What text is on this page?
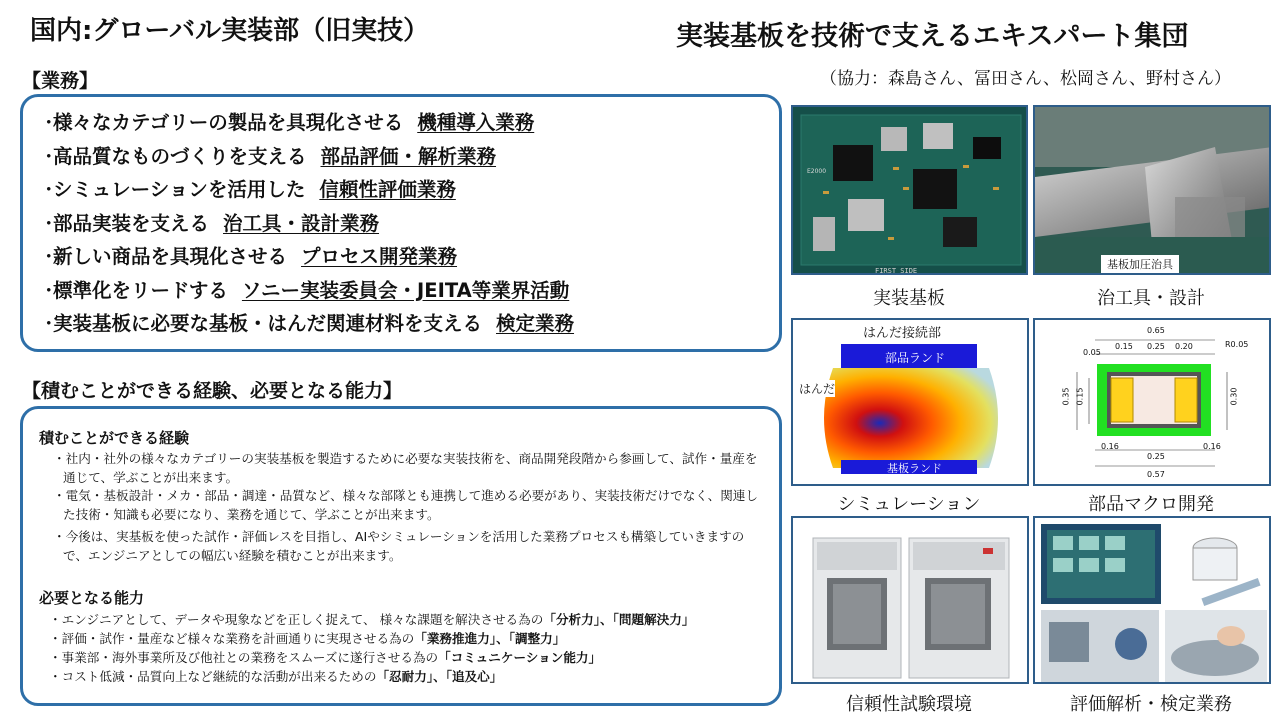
国内:グローバル実装部（旧実技）	実装基板を技術で支えるエキスパート集団
（協力：森島さん、冨田さん、松岡さん、野村さん）
【業務】
・
様々なカテゴリーの製品を具現化させる 機種導入業務
・
高品質なものづくりを支える 部品評価・解析業務
・
シミュレーションを活用した 信頼性評価業務
・
部品実装を支える 治工具・設計業務
・
新しい商品を具現化させる プロセス開発業務
・
標準化をリードする ソニー実装委員会・JEITA等業界活動
・
実装基板に必要な基板・はんだ関連材料を支える 検定業務
【積むことができる経験、必要となる能力】
積むことができる経験
・社内・社外の様々なカテゴリーの実装基板を製造するために必要な実装技術を、商品開発段階から参画して、試作・量産を通じて、学ぶことが出来ます。
・電気・基板設計・メカ・部品・調達・品質など、様々な部隊とも連携して進める必要があり、実装技術だけでなく、関連した技術・知識も必要になり、業務を通じて、学ぶことが出来ます。
・今後は、実基板を使った試作・評価レスを目指し、AIやシミュレーションを活用した業務プロセスも構築していきますので、エンジニアとしての幅広い経験を積むことが出来ます。
必要となる能力
・エンジニアとして、データや現象などを正しく捉えて、 様々な課題を解決させる為の「分析力」、「問題解決力」
・評価・試作・量産など様々な業務を計画通りに実現させる為の「業務推進力」、「調整力」
・事業部・海外事業所及び他社との業務をスムーズに遂行させる為の「コミュニケーション能力」
・コスト低減・品質向上など継続的な活動が出来るための「忍耐力」、「追及心」
E2000
FIRST SIDE
実装基板
基板加圧治具
治工具・設計
はんだ接続部
部品ランド
基板ランド
はんだ
シミュレーション
0.65
0.05
0.15 0.25 0.20	R0.05
0.35 0.15	0.30
0.16
0.25
0.16
0.57
部品マクロ開発
信頼性試験環境	評価解析・検定業務
